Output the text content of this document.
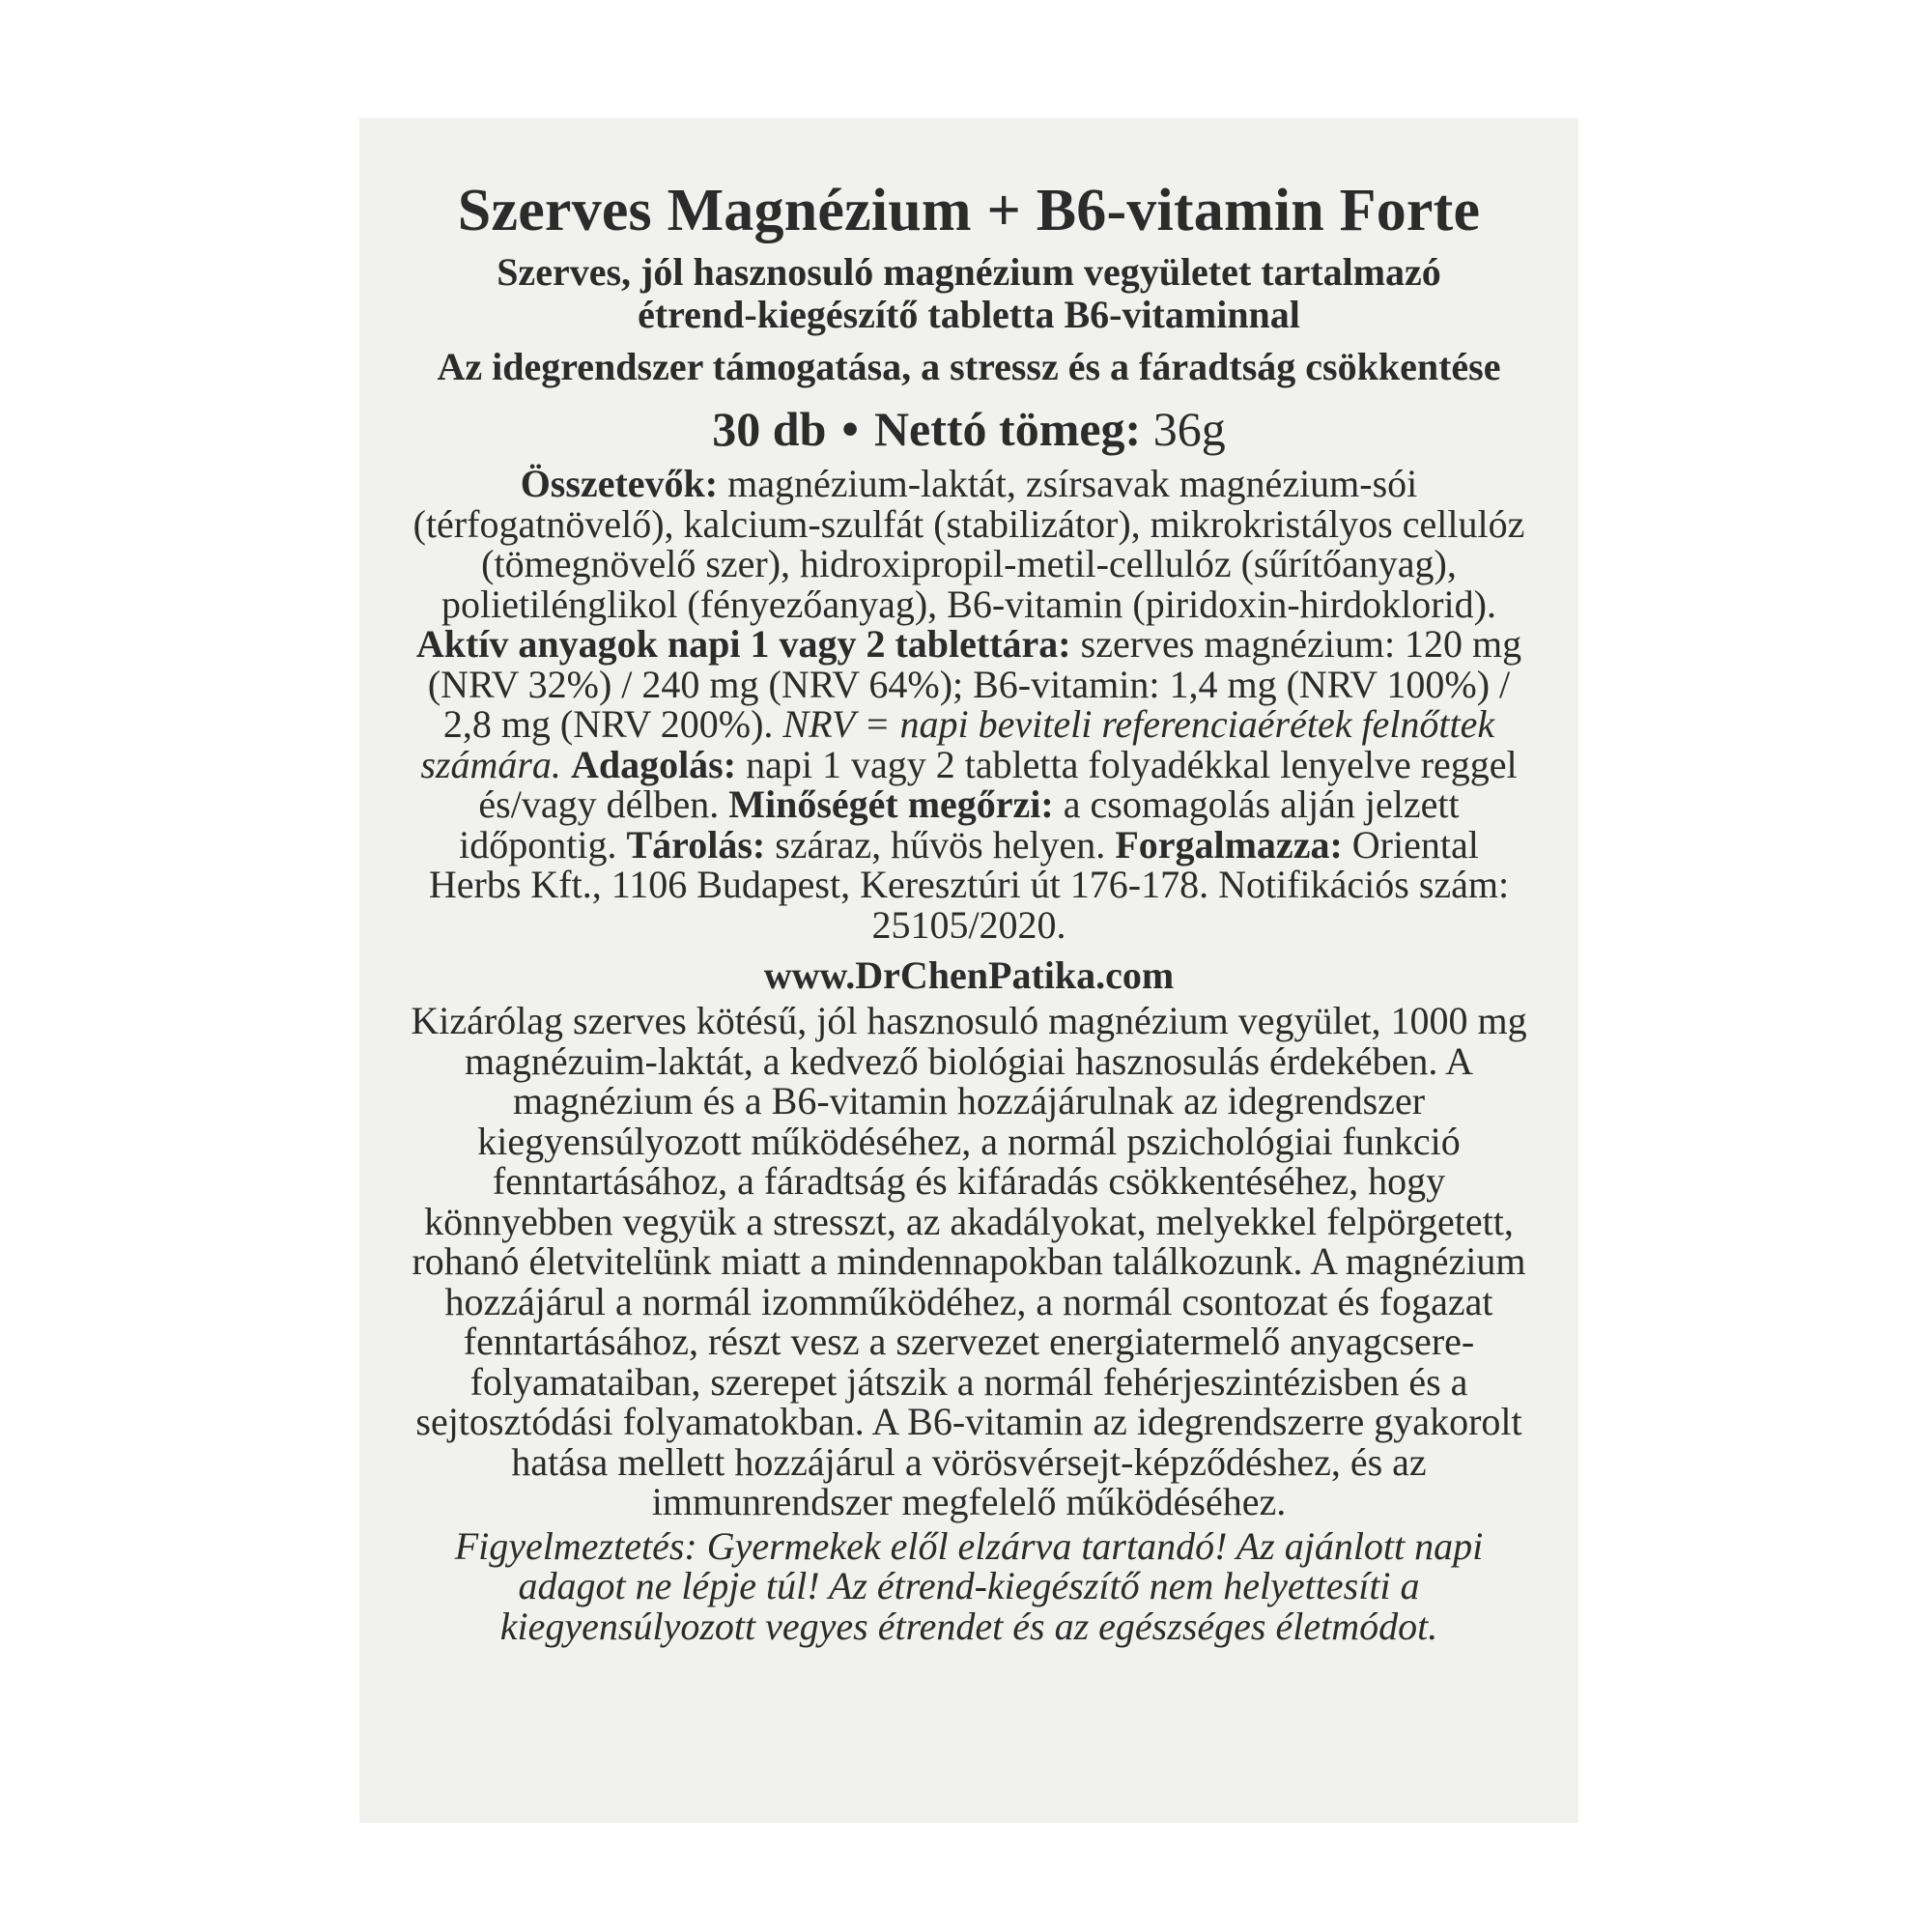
Szerves Magnézium + B6-vitamin Forte
Szerves, jól hasznosuló magnézium vegyületet tartalmazó
étrend-kiegészítő tabletta B6-vitaminnal
Az idegrendszer támogatása, a stressz és a fáradtság csökkentése
30 db • Nettó tömeg: 36g

Összetevők: magnézium-laktát, zsírsavak magnézium-sói (térfogatnövelő), kalcium-szulfát (stabilizátor), mikrokristályos cellulóz (tömegnövelő szer), hidroxipropil-metil-cellulóz (sűrítőanyag), polietilénglikol (fényezőanyag), B6-vitamin (piridoxin-hirdoklorid). Aktív anyagok napi 1 vagy 2 tablettára: szerves magnézium: 120 mg (NRV 32%) / 240 mg (NRV 64%); B6-vitamin: 1,4 mg (NRV 100%) / 2,8 mg (NRV 200%). NRV = napi beviteli referenciaérétek felnőttek számára. Adagolás: napi 1 vagy 2 tabletta folyadékkal lenyelve reggel és/vagy délben. Minőségét megőrzi: a csomagolás alján jelzett időpontig. Tárolás: száraz, hűvös helyen. Forgalmazza: Oriental Herbs Kft., 1106 Budapest, Keresztúri út 176-178. Notifikációs szám: 25105/2020.

www.DrChenPatika.com

Kizárólag szerves kötésű, jól hasznosuló magnézium vegyület, 1000 mg magnézuim-laktát, a kedvező biológiai hasznosulás érdekében. A magnézium és a B6-vitamin hozzájárulnak az idegrendszer kiegyensúlyozott működéséhez, a normál pszichológiai funkció fenntartásához, a fáradtság és kifáradás csökkentéséhez, hogy könnyebben vegyük a stresszt, az akadályokat, melyekkel felpörgetett, rohanó életvitelünk miatt a mindennapokban találkozunk. A magnézium hozzájárul a normál izomműködéhez, a normál csontozat és fogazat fenntartásához, részt vesz a szervezet energiatermelő anyagcsere-folyamataiban, szerepet játszik a normál fehérjeszintézisben és a sejtosztódási folyamatokban. A B6-vitamin az idegrendszerre gyakorolt hatása mellett hozzájárul a vörösvérsejt-képződéshez, és az immunrendszer megfelelő működéséhez.

Figyelmeztetés: Gyermekek elől elzárva tartandó! Az ajánlott napi adagot ne lépje túl! Az étrend-kiegészítő nem helyettesíti a kiegyensúlyozott vegyes étrendet és az egészséges életmódot.
